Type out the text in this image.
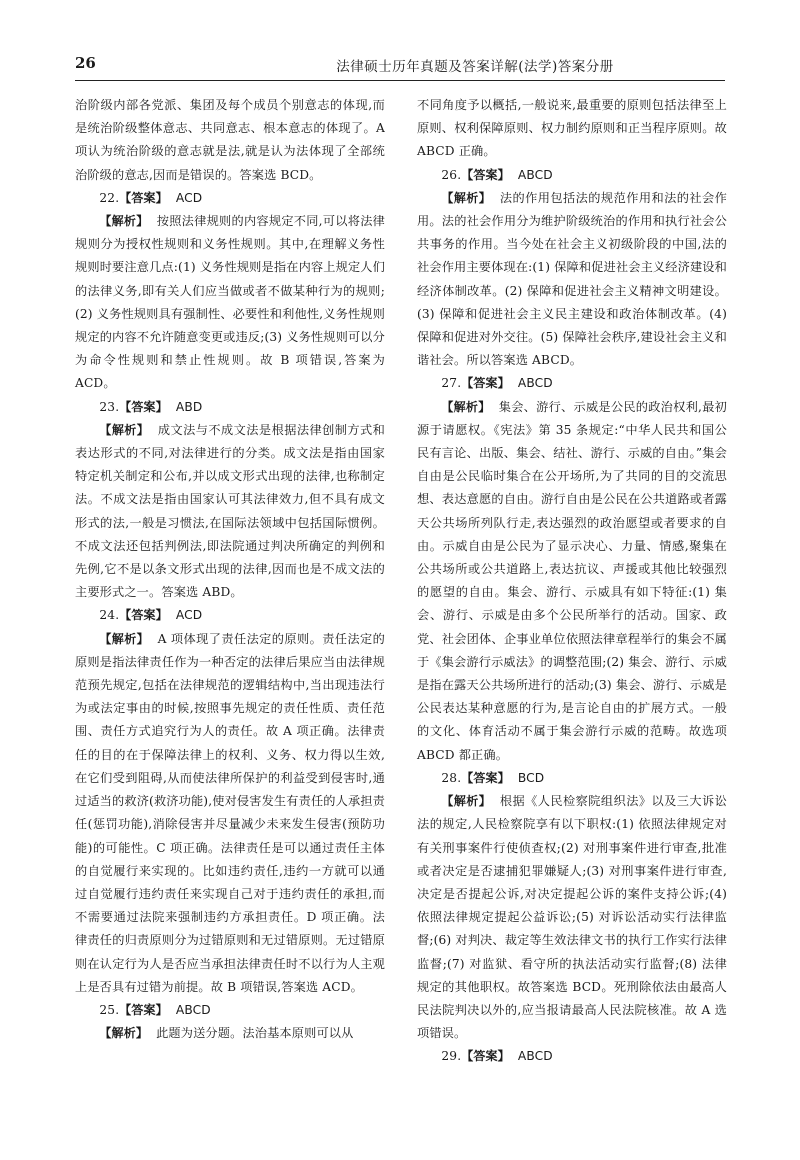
26	法律硕士历年真题及答案详解(法学)答案分册

治阶级内部各党派、集团及每个成员个别意志的体现,而是统治阶级整体意志、共同意志、根本意志的体现了。A 项认为统治阶级的意志就是法,就是认为法体现了全部统治阶级的意志,因而是错误的。答案选 BCD。

22.【答案】 ACD

【解析】 按照法律规则的内容规定不同,可以将法律规则分为授权性规则和义务性规则。其中,在理解义务性规则时要注意几点:(1) 义务性规则是指在内容上规定人们的法律义务,即有关人们应当做或者不做某种行为的规则;(2) 义务性规则具有强制性、必要性和利他性,义务性规则规定的内容不允许随意变更或违反;(3) 义务性规则可以分为命令性规则和禁止性规则。故 B 项错误,答案为 ACD。

23.【答案】 ABD

【解析】 成文法与不成文法是根据法律创制方式和表达形式的不同,对法律进行的分类。成文法是指由国家特定机关制定和公布,并以成文形式出现的法律,也称制定法。不成文法是指由国家认可其法律效力,但不具有成文形式的法,一般是习惯法,在国际法领域中包括国际惯例。不成文法还包括判例法,即法院通过判决所确定的判例和先例,它不是以条文形式出现的法律,因而也是不成文法的主要形式之一。答案选 ABD。

24.【答案】 ACD

【解析】 A 项体现了责任法定的原则。责任法定的原则是指法律责任作为一种否定的法律后果应当由法律规范预先规定,包括在法律规范的逻辑结构中,当出现违法行为或法定事由的时候,按照事先规定的责任性质、责任范围、责任方式追究行为人的责任。故 A 项正确。法律责任的目的在于保障法律上的权利、义务、权力得以生效,在它们受到阻碍,从而使法律所保护的利益受到侵害时,通过适当的救济(救济功能),使对侵害发生有责任的人承担责任(惩罚功能),消除侵害并尽量减少未来发生侵害(预防功能)的可能性。C 项正确。法律责任是可以通过责任主体的自觉履行来实现的。比如违约责任,违约一方就可以通过自觉履行违约责任来实现自己对于违约责任的承担,而不需要通过法院来强制违约方承担责任。D 项正确。法律责任的归责原则分为过错原则和无过错原则。无过错原则在认定行为人是否应当承担法律责任时不以行为人主观上是否具有过错为前提。故 B 项错误,答案选 ACD。

25.【答案】 ABCD

【解析】 此题为送分题。法治基本原则可以从

不同角度予以概括,一般说来,最重要的原则包括法律至上原则、权利保障原则、权力制约原则和正当程序原则。故 ABCD 正确。

26.【答案】 ABCD

【解析】 法的作用包括法的规范作用和法的社会作用。法的社会作用分为维护阶级统治的作用和执行社会公共事务的作用。当今处在社会主义初级阶段的中国,法的社会作用主要体现在:(1) 保障和促进社会主义经济建设和经济体制改革。(2) 保障和促进社会主义精神文明建设。(3) 保障和促进社会主义民主建设和政治体制改革。(4) 保障和促进对外交往。(5) 保障社会秩序,建设社会主义和谐社会。所以答案选 ABCD。

27.【答案】 ABCD

【解析】 集会、游行、示威是公民的政治权利,最初源于请愿权。《宪法》第 35 条规定:“中华人民共和国公民有言论、出版、集会、结社、游行、示威的自由。”集会自由是公民临时集合在公开场所,为了共同的目的交流思想、表达意愿的自由。游行自由是公民在公共道路或者露天公共场所列队行走,表达强烈的政治愿望或者要求的自由。示威自由是公民为了显示决心、力量、情感,聚集在公共场所或公共道路上,表达抗议、声援或其他比较强烈的愿望的自由。集会、游行、示威具有如下特征:(1) 集会、游行、示威是由多个公民所举行的活动。国家、政党、社会团体、企事业单位依照法律章程举行的集会不属于《集会游行示威法》的调整范围;(2) 集会、游行、示威是指在露天公共场所进行的活动;(3) 集会、游行、示威是公民表达某种意愿的行为,是言论自由的扩展方式。一般的文化、体育活动不属于集会游行示威的范畴。故选项 ABCD 都正确。

28.【答案】 BCD

【解析】 根据《人民检察院组织法》以及三大诉讼法的规定,人民检察院享有以下职权:(1) 依照法律规定对有关刑事案件行使侦查权;(2) 对刑事案件进行审查,批准或者决定是否逮捕犯罪嫌疑人;(3) 对刑事案件进行审查,决定是否提起公诉,对决定提起公诉的案件支持公诉;(4) 依照法律规定提起公益诉讼;(5) 对诉讼活动实行法律监督;(6) 对判决、裁定等生效法律文书的执行工作实行法律监督;(7) 对监狱、看守所的执法活动实行监督;(8) 法律规定的其他职权。故答案选 BCD。死刑除依法由最高人民法院判决以外的,应当报请最高人民法院核准。故 A 选项错误。

29.【答案】 ABCD
